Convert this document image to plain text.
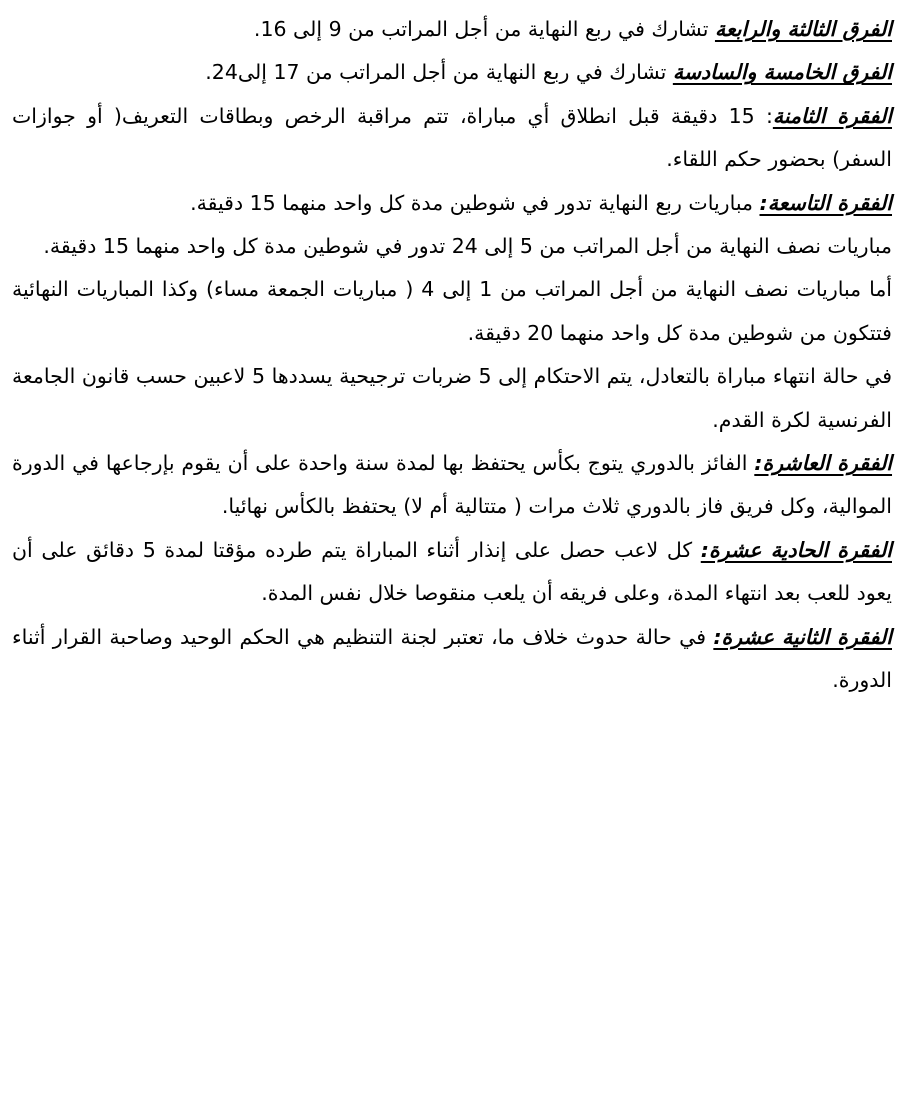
الفرق الثالثة والرابعة تشارك في ربع النهاية من أجل المراتب من 9 إلى 16.

الفرق الخامسة والسادسة تشارك في ربع النهاية من أجل المراتب من 17 إلى24.

الفقرة الثامنة: 15 دقيقة قبل انطلاق أي مباراة، تتم مراقبة الرخص وبطاقات التعريف( أو جوازات السفر) بحضور حكم اللقاء.

الفقرة التاسعة: مباريات ربع النهاية تدور في شوطين مدة كل واحد منهما 15 دقيقة.

مباريات نصف النهاية من أجل المراتب من 5 إلى 24 تدور في شوطين مدة كل واحد منهما 15 دقيقة.

أما مباريات نصف النهاية من أجل المراتب من 1 إلى 4 ( مباريات الجمعة مساء) وكذا المباريات النهائية فتتكون من شوطين مدة كل واحد منهما 20 دقيقة.

في حالة انتهاء مباراة بالتعادل، يتم الاحتكام إلى 5 ضربات ترجيحية يسددها 5 لاعبين حسب قانون الجامعة الفرنسية لكرة القدم.

الفقرة العاشرة: الفائز بالدوري يتوج بكأس يحتفظ بها لمدة سنة واحدة على أن يقوم بإرجاعها في الدورة الموالية، وكل فريق فاز بالدوري ثلاث مرات ( متتالية أم لا) يحتفظ بالكأس نهائيا.

الفقرة الحادية عشرة: كل لاعب حصل على إنذار أثناء المباراة يتم طرده مؤقتا لمدة 5 دقائق على أن يعود للعب بعد انتهاء المدة، وعلى فريقه أن يلعب منقوصا خلال نفس المدة.

الفقرة الثانية عشرة: في حالة حدوث خلاف ما، تعتبر لجنة التنظيم هي الحكم الوحيد وصاحبة القرار أثناء الدورة.
